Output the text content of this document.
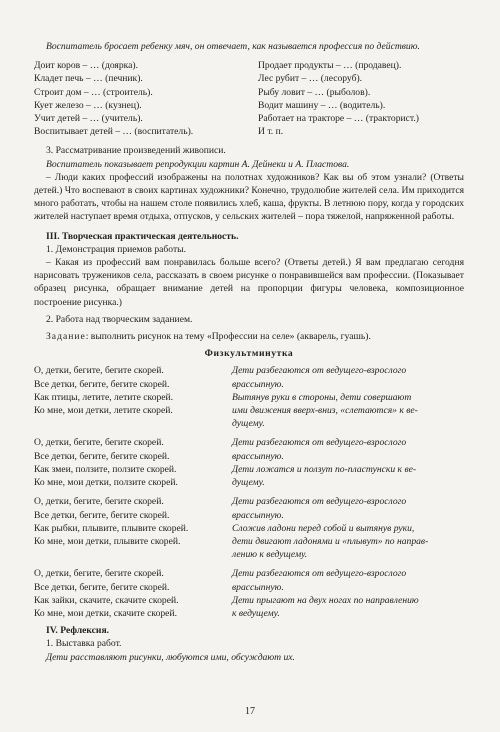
Воспитатель бросает ребенку мяч, он отвечает, как называется профессия по действию.

Доит коров – … (доярка).
Кладет печь – … (печник).
Строит дом – … (строитель).
Кует железо – … (кузнец).
Учит детей – … (учитель).
Воспитывает детей – … (воспитатель).
Продает продукты – … (продавец).
Лес рубит – … (лесоруб).
Рыбу ловит – … (рыболов).
Водит машину – … (водитель).
Работает на тракторе – … (тракторист.)
И т. п.

3. Рассматривание произведений живописи.

Воспитатель показывает репродукции картин А. Дейнеки и А. Пластова.

– Люди каких профессий изображены на полотнах художников? Как вы об этом узнали? (Ответы детей.) Что воспевают в своих картинах художники? Конечно, трудолюбие жителей села. Им приходится много работать, чтобы на нашем столе появились хлеб, каша, фрукты. В летнюю пору, когда у городских жителей наступает время отдыха, отпусков, у сельских жителей – пора тяжелой, напряженной работы.

III. Творческая практическая деятельность.

1. Демонстрация приемов работы.

– Какая из профессий вам понравилась больше всего? (Ответы детей.) Я вам предлагаю сегодня нарисовать тружеников села, рассказать в своем рисунке о понравившейся вам профессии. (Показывает образец рисунка, обращает внимание детей на пропорции фигуры человека, композиционное построение рисунка.)

2. Работа над творческим заданием.

Задание: выполнить рисунок на тему «Профессии на селе» (акварель, гуашь).

Физкультминутка

О, детки, бегите, бегите скорей.
Все детки, бегите, бегите скорей.
Как птицы, летите, летите скорей.
Ко мне, мои детки, летите скорей.
Дети разбегаются от ведущего-взрослого
врассыпную.
Вытянув руки в стороны, дети совершают
ими движения вверх-вниз, «слетаются» к ве-
дущему.
О, детки, бегите, бегите скорей.
Все детки, бегите, бегите скорей.
Как змеи, ползите, ползите скорей.
Ко мне, мои детки, ползите скорей.
Дети разбегаются от ведущего-взрослого
врассыпную.
Дети ложатся и ползут по-пластунски к ве-
дущему.
О, детки, бегите, бегите скорей.
Все детки, бегите, бегите скорей.
Как рыбки, плывите, плывите скорей.
Ко мне, мои детки, плывите скорей.
Дети разбегаются от ведущего-взрослого
врассыпную.
Сложив ладони перед собой и вытянув руки,
дети двигают ладонями и «плывут» по направ-
лению к ведущему.
О, детки, бегите, бегите скорей.
Все детки, бегите, бегите скорей.
Как зайки, скачите, скачите скорей.
Ко мне, мои детки, скачите скорей.
Дети разбегаются от ведущего-взрослого
врассыпную.
Дети прыгают на двух ногах по направлению
к ведущему.

IV. Рефлексия.

1. Выставка работ.

Дети расставляют рисунки, любуются ими, обсуждают их.

17
